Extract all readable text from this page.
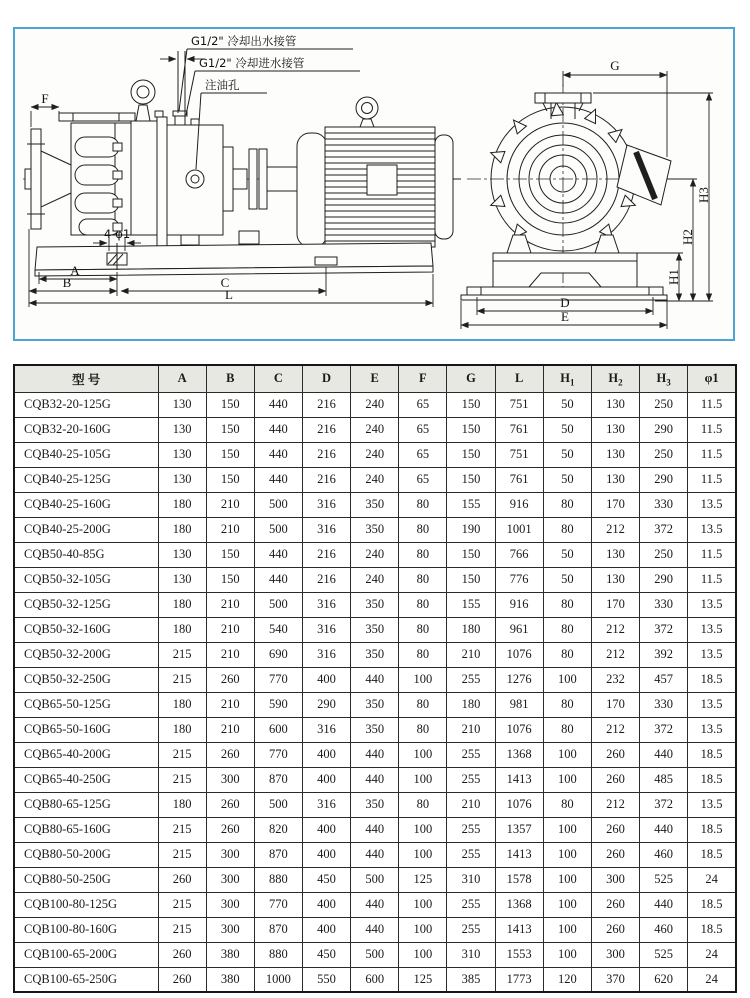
4-φ1
F
G1/2" 冷却出水接管
G1/2" 冷却进水接管
注油孔
A
B	C
L
G
H1
H2
H3
D
E
型 号	A	B	C	D	E	F	G	L	$H_1$	$H_2$	$H_3$	φ1
CQB32-20-125G	130	150	440	216	240	65	150	751	50	130	250	11.5
CQB32-20-160G	130	150	440	216	240	65	150	761	50	130	290	11.5
CQB40-25-105G	130	150	440	216	240	65	150	751	50	130	250	11.5
CQB40-25-125G	130	150	440	216	240	65	150	761	50	130	290	11.5
CQB40-25-160G	180	210	500	316	350	80	155	916	80	170	330	13.5
CQB40-25-200G	180	210	500	316	350	80	190	1001	80	212	372	13.5
CQB50-40-85G	130	150	440	216	240	80	150	766	50	130	250	11.5
CQB50-32-105G	130	150	440	216	240	80	150	776	50	130	290	11.5
CQB50-32-125G	180	210	500	316	350	80	155	916	80	170	330	13.5
CQB50-32-160G	180	210	540	316	350	80	180	961	80	212	372	13.5
CQB50-32-200G	215	210	690	316	350	80	210	1076	80	212	392	13.5
CQB50-32-250G	215	260	770	400	440	100	255	1276	100	232	457	18.5
CQB65-50-125G	180	210	590	290	350	80	180	981	80	170	330	13.5
CQB65-50-160G	180	210	600	316	350	80	210	1076	80	212	372	13.5
CQB65-40-200G	215	260	770	400	440	100	255	1368	100	260	440	18.5
CQB65-40-250G	215	300	870	400	440	100	255	1413	100	260	485	18.5
CQB80-65-125G	180	260	500	316	350	80	210	1076	80	212	372	13.5
CQB80-65-160G	215	260	820	400	440	100	255	1357	100	260	440	18.5
CQB80-50-200G	215	300	870	400	440	100	255	1413	100	260	460	18.5
CQB80-50-250G	260	300	880	450	500	125	310	1578	100	300	525	24
CQB100-80-125G	215	300	770	400	440	100	255	1368	100	260	440	18.5
CQB100-80-160G	215	300	870	400	440	100	255	1413	100	260	460	18.5
CQB100-65-200G	260	380	880	450	500	100	310	1553	100	300	525	24
CQB100-65-250G	260	380	1000	550	600	125	385	1773	120	370	620	24
